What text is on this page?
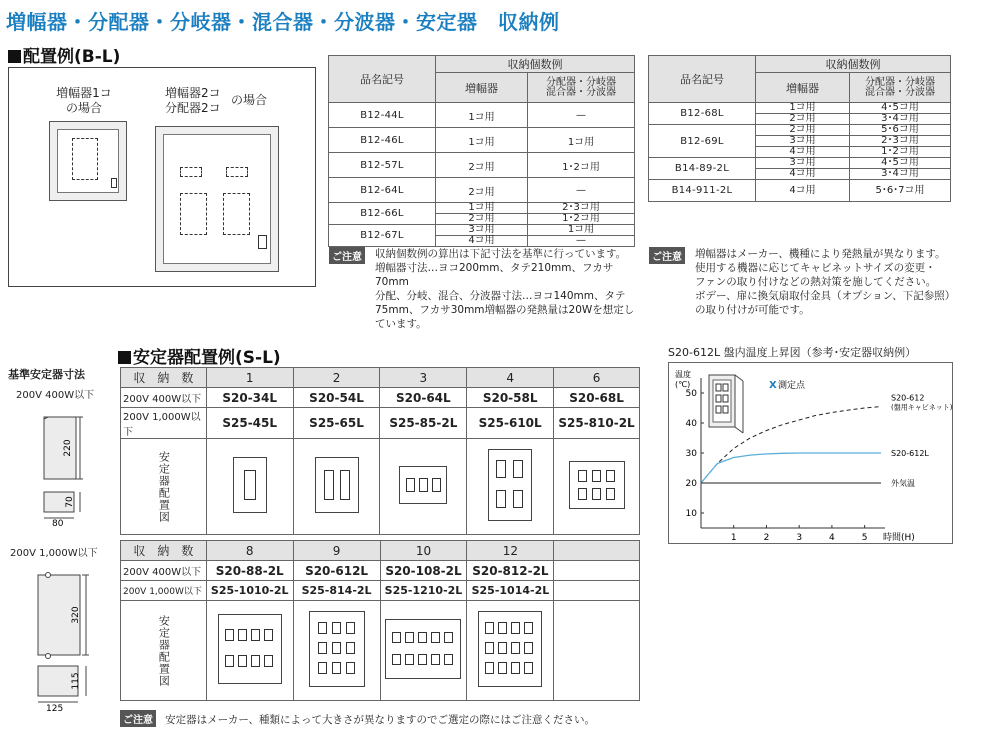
増幅器・分配器・分岐器・混合器・分波器・安定器　収納例
配置例(B-L)
増幅器1コ
の場合
増幅器2コ
分配器2コ
の場合
品名記号	収納個数例	
	増幅器	分配器・分岐器
混合器・分波器
B12-44L	1コ用	—
B12-46L	1コ用	1コ用
B12-57L	2コ用	1･2コ用
B12-64L	2コ用	—
B12-66L	1コ用	2･3コ用
	2コ用	1･2コ用
B12-67L	3コ用	1コ用
	4コ用	—
品名記号	収納個数例	
	増幅器	分配器・分岐器
混合器・分波器
B12-68L	1コ用	4･5コ用
	2コ用	3･4コ用
B12-69L	2コ用	5･6コ用
	3コ用	2･3コ用
	4コ用	1･2コ用
B14-89-2L	3コ用	4･5コ用
	4コ用	3･4コ用
B14-911-2L	4コ用	5･6･7コ用
ご注意 収納個数例の算出は下記寸法を基準に行っています。
増幅器寸法…ヨコ200mm、タテ210mm、フカサ70mm
分配、分岐、混合、分波器寸法…ヨコ140mm、タテ
75mm、フカサ30mm増幅器の発熱量は20Wを想定し
ています。
ご注意 増幅器はメーカー、機種により発熱量が異なります。
使用する機器に応じてキャビネットサイズの変更・
ファンの取り付けなどの熱対策を施してください。
ボデー、扉に換気扇取付金具（オプション、下記参照）
の取り付けが可能です。
安定器配置例(S-L)
基準安定器寸法
200V 400W以下
200V 1,000W以下
220
70
80
320
115
125
収　納　数	1	2	3	4	6
200V 400W以下	S20-34L	S20-54L	S20-64L	S20-58L	S20-68L
200V 1,000W以下	S25-45L	S25-65L	S25-85-2L	S25-610L	S25-810-2L

安定器配置図					

収　納　数	8	9	10	12	
200V 400W以下	S20-88-2L	S20-612L	S20-108-2L	S20-812-2L	
200V 1,000W以下	S25-1010-2L	S25-814-2L	S25-1210-2L	S25-1014-2L	

安定器配置図					

ご注意 安定器はメーカー、種類によって大きさが異なりますのでご選定の際にはご注意ください。
S20-612L 盤内温度上昇図（参考･安定器収納例）
X 測定点
1	2	3	4	5
10
20
30
40
50
温度
(℃)
時間(H)
S20-612
(盤用キャビネット)
S20-612L
外気温
